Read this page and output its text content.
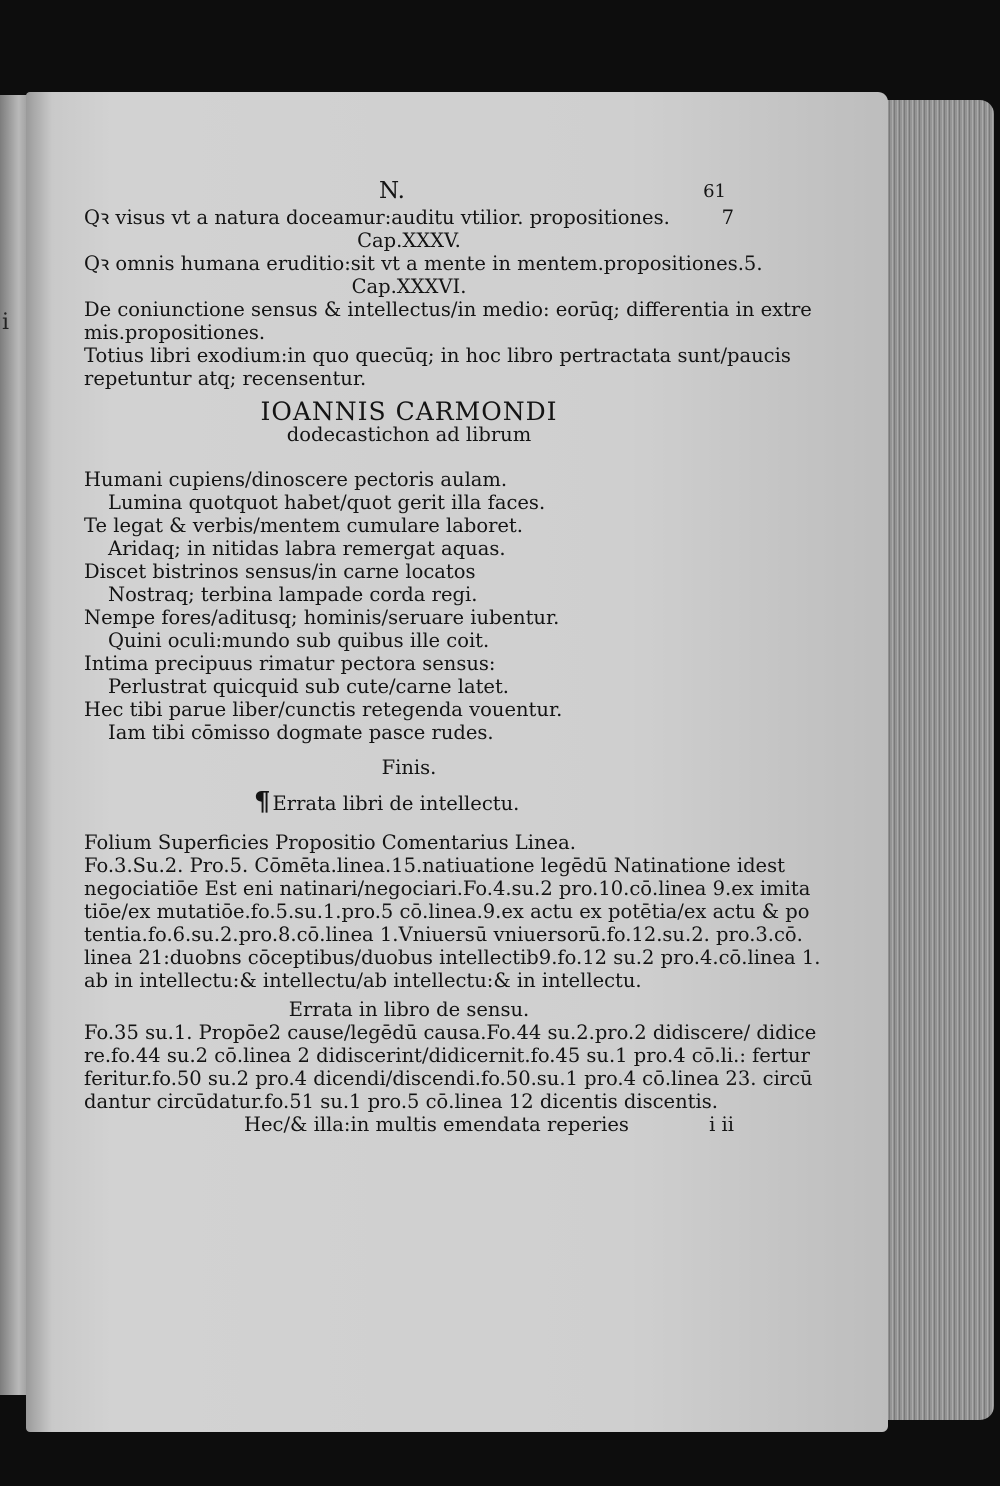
i
N.	61
Qꝛ visus vt a natura doceamur:auditu vtilior. propositiones.	7
Cap.XXXV.
Qꝛ omnis humana eruditio:sit vt a mente in mentem.propositiones. 5.
Cap.XXXVI.
De coniunctione sensus & intellectus/in medio: eorūq; differentia in extre
mis.propositiones.
Totius libri exodium:in quo quecūq; in hoc libro pertractata sunt/paucis
repetuntur atq; recensentur.
IOANNIS CARMONDI
dodecastichon ad librum
Humani cupiens/dinoscere pectoris aulam.
Lumina quotquot habet/quot gerit illa faces.
Te legat & verbis/mentem cumulare laboret.
Aridaq; in nitidas labra remergat aquas.
Discet bistrinos sensus/in carne locatos
Nostraq; terbina lampade corda regi.
Nempe fores/aditusq; hominis/seruare iubentur.
Quini oculi:mundo sub quibus ille coit.
Intima precipuus rimatur pectora sensus:
Perlustrat quicquid sub cute/carne latet.
Hec tibi parue liber/cunctis retegenda vouentur.
Iam tibi cōmisso dogmate pasce rudes.
Finis.
¶ Errata libri de intellectu.
Folium Superficies Propositio Comentarius Linea.
Fo.3.Su.2. Pro.5. Cōmēta.linea.15.natiuatione legēdū Natinatione idest
negociatiōe Est eni natinari/negociari.Fo.4.su.2 pro.10.cō.linea 9.ex imita
tiōe/ex mutatiōe.fo.5.su.1.pro.5 cō.linea.9.ex actu ex potētia/ex actu & po
tentia.fo.6.su.2.pro.8.cō.linea 1.Vniuersū vniuersorū.fo.12.su.2. pro.3.cō.
linea 21:duobns cōceptibus/duobus intellectib9.fo.12 su.2 pro.4.cō.linea 1.
ab in intellectu:& intellectu/ab intellectu:& in intellectu.
Errata in libro de sensu.
Fo.35 su.1. Propōe2 cause/legēdū causa.Fo.44 su.2.pro.2 didiscere/ didice
re.fo.44 su.2 cō.linea 2 didiscerint/didicernit.fo.45 su.1 pro.4 cō.li.: fertur
feritur.fo.50 su.2 pro.4 dicendi/discendi.fo.50.su.1 pro.4 cō.linea 23. circū
dantur circūdatur.fo.51 su.1 pro.5 cō.linea 12 dicentis discentis.
Hec/& illa:in multis emendata reperies	i ii
